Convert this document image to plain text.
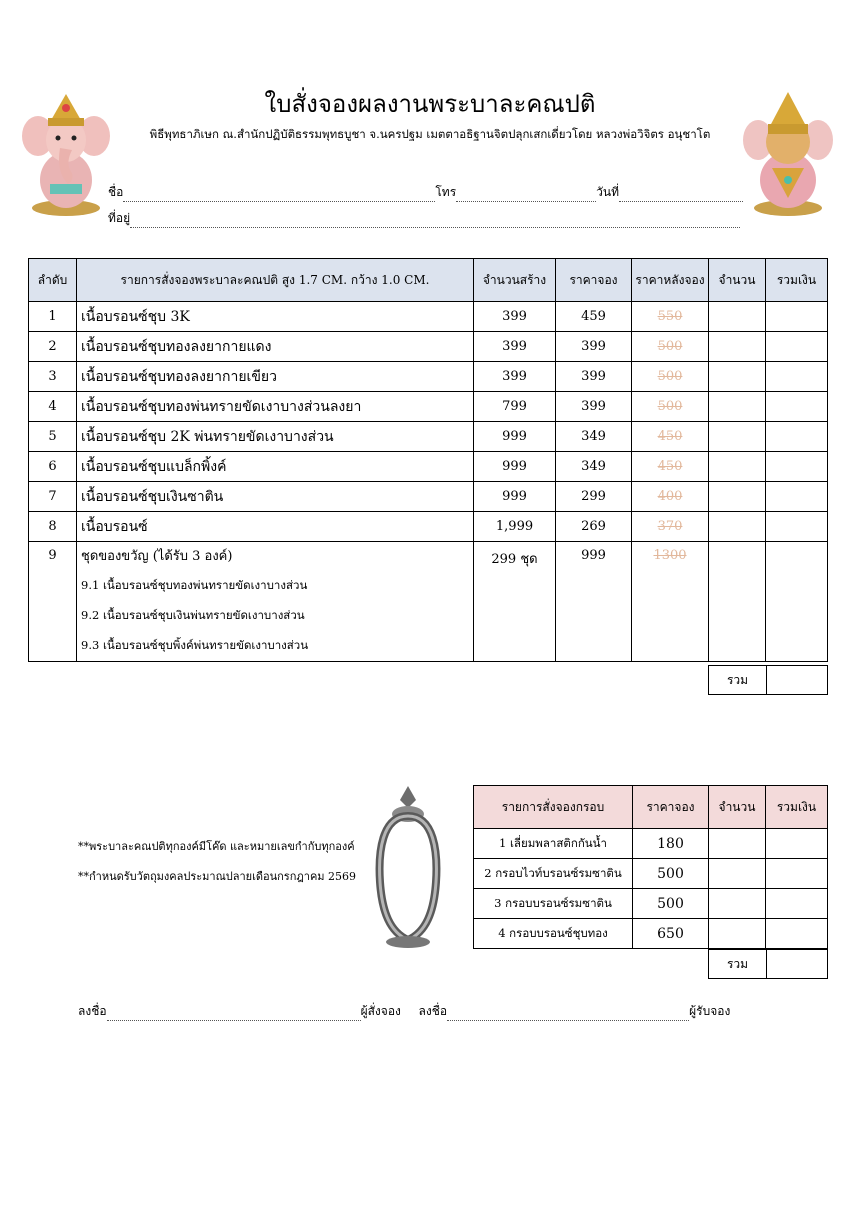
ใบสั่งจองผลงานพระบาละคณปติ
พิธีพุทธาภิเษก ณ.สำนักปฏิบัติธรรมพุทธบูชา จ.นครปฐม เมตตาอธิฐานจิตปลุกเสกเดี่ยวโดย หลวงพ่อวิจิตร อนุชาโต
ชื่อ	โทร	วันที่
ที่อยู่
ลำดับ	รายการสั่งจองพระบาละคณปติ สูง 1.7 CM. กว้าง 1.0 CM.	จำนวนสร้าง	ราคาจอง	ราคาหลังจอง	จำนวน	รวมเงิน
1	เนื้อบรอนซ์ชุบ 3K	399	459	550		
2	เนื้อบรอนซ์ชุบทองลงยากายแดง	399	399	500		
3	เนื้อบรอนซ์ชุบทองลงยากายเขียว	399	399	500		
4	เนื้อบรอนซ์ชุบทองพ่นทรายขัดเงาบางส่วนลงยา	799	399	500		
5	เนื้อบรอนซ์ชุบ 2K พ่นทรายขัดเงาบางส่วน	999	349	450		
6	เนื้อบรอนซ์ชุบแบล็กพิ้งค์	999	349	450		
7	เนื้อบรอนซ์ชุบเงินซาติน	999	299	400		
8	เนื้อบรอนซ์	1,999	269	370		
9	ชุดของขวัญ (ได้รับ 3 องค์)
9.1 เนื้อบรอนซ์ชุบทองพ่นทรายขัดเงาบางส่วน
9.2 เนื้อบรอนซ์ชุบเงินพ่นทรายขัดเงาบางส่วน
9.3 เนื้อบรอนซ์ชุบพิ้งค์พ่นทรายขัดเงาบางส่วน	299 ชุด	999	1300		
รวม
**พระบาละคณปติทุกองค์มีโค๊ด และหมายเลขกำกับทุกองค์
**กำหนดรับวัตถุมงคลประมาณปลายเดือนกรกฎาคม 2569
รายการสั่งจองกรอบ	ราคาจอง	จำนวน	รวมเงิน
1 เลี่ยมพลาสติกกันน้ำ	180		
2 กรอบไวท์บรอนซ์รมซาติน	500		
3 กรอบบรอนซ์รมซาติน	500		
4 กรอบบรอนซ์ชุบทอง	650		
รวม
ลงชื่อ	ผู้สั่งจอง ลงชื่อ	ผู้รับจอง
